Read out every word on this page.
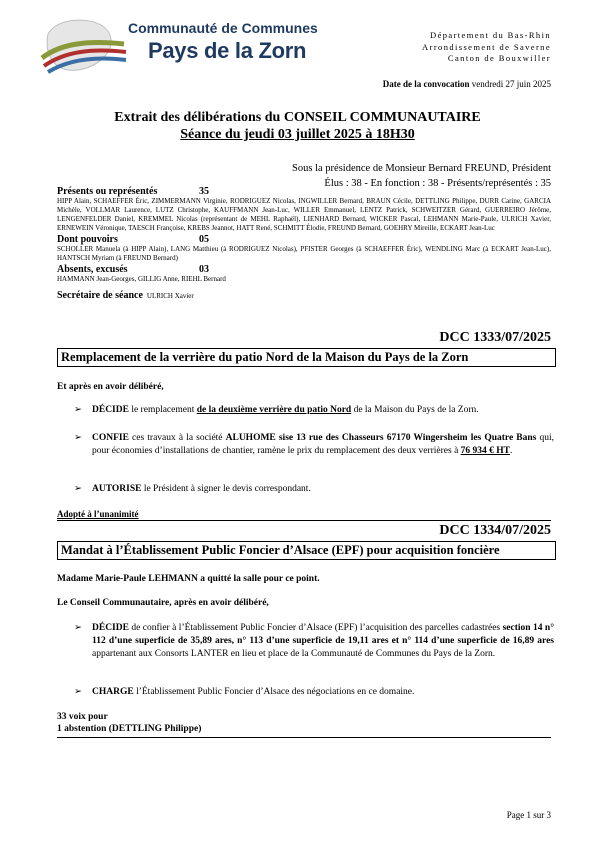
Communauté de Communes
Pays de la Zorn
Département du Bas-Rhin
Arrondissement de Saverne
Canton de Bouxwiller
Date de la convocation vendredi 27 juin 2025
Extrait des délibérations du CONSEIL COMMUNAUTAIRE
Séance du jeudi 03 juillet 2025 à 18H30
Sous la présidence de Monsieur Bernard FREUND, Président
Élus : 38 - En fonction : 38 - Présents/représentés : 35
Présents ou représentés	35
HIPP Alain, SCHAEFFER Éric, ZIMMERMANN Virginie, RODRIGUEZ Nicolas, INGWILLER Bernard, BRAUN Cécile, DETTLING Philippe, DURR Carine, GARCIA Michèle, VOLLMAR Laurence, LUTZ Christophe, KAUFFMANN Jean-Luc, WILLER Emmanuel, LENTZ Patrick, SCHWEITZER Gérard, GUERREIRO Jérôme, LENGENFELDER Daniel, KREMMEL Nicolas (représentant de MEHL Raphaël), LIENHARD Bernard, WICKER Pascal, LEHMANN Marie-Paule, ULRICH Xavier, ERNEWEIN Véronique, TAESCH Françoise, KREBS Jeannot, HATT René, SCHMITT Élodie, FREUND Bernard, GOEHRY Mireille, ECKART Jean-Luc
Dont pouvoirs	05
SCHOLLER Manuela (à HIPP Alain), LANG Matthieu (à RODRIGUEZ Nicolas), PFISTER Georges (à SCHAEFFER Éric), WENDLING Marc (à ECKART Jean-Luc), HANTSCH Myriam (à FREUND Bernard)
Absents, excusés	03
HAMMANN Jean-Georges, GILLIG Anne, RIEHL Bernard
Secrétaire de séance ULRICH Xavier
DCC 1333/07/2025
Remplacement de la verrière du patio Nord de la Maison du Pays de la Zorn
Et après en avoir délibéré,
➢ DÉCIDE le remplacement de la deuxième verrière du patio Nord de la Maison du Pays de la Zorn.
➢ CONFIE ces travaux à la société ALUHOME sise 13 rue des Chasseurs 67170 Wingersheim les Quatre Bans qui, pour économies d’installations de chantier, ramène le prix du remplacement des deux verrières à 76 934 € HT.
➢ AUTORISE le Président à signer le devis correspondant.
Adopté à l’unanimité
DCC 1334/07/2025
Mandat à l’Établissement Public Foncier d’Alsace (EPF) pour acquisition foncière
Madame Marie-Paule LEHMANN a quitté la salle pour ce point.
Le Conseil Communautaire, après en avoir délibéré,
➢ DÉCIDE de confier à l’Établissement Public Foncier d’Alsace (EPF) l’acquisition des parcelles cadastrées section 14 n° 112 d’une superficie de 35,89 ares, n° 113 d’une superficie de 19,11 ares et n° 114 d’une superficie de 16,89 ares appartenant aux Consorts LANTER en lieu et place de la Communauté de Communes du Pays de la Zorn.
➢ CHARGE l’Établissement Public Foncier d’Alsace des négociations en ce domaine.
33 voix pour
1 abstention (DETTLING Philippe)
Page 1 sur 3
